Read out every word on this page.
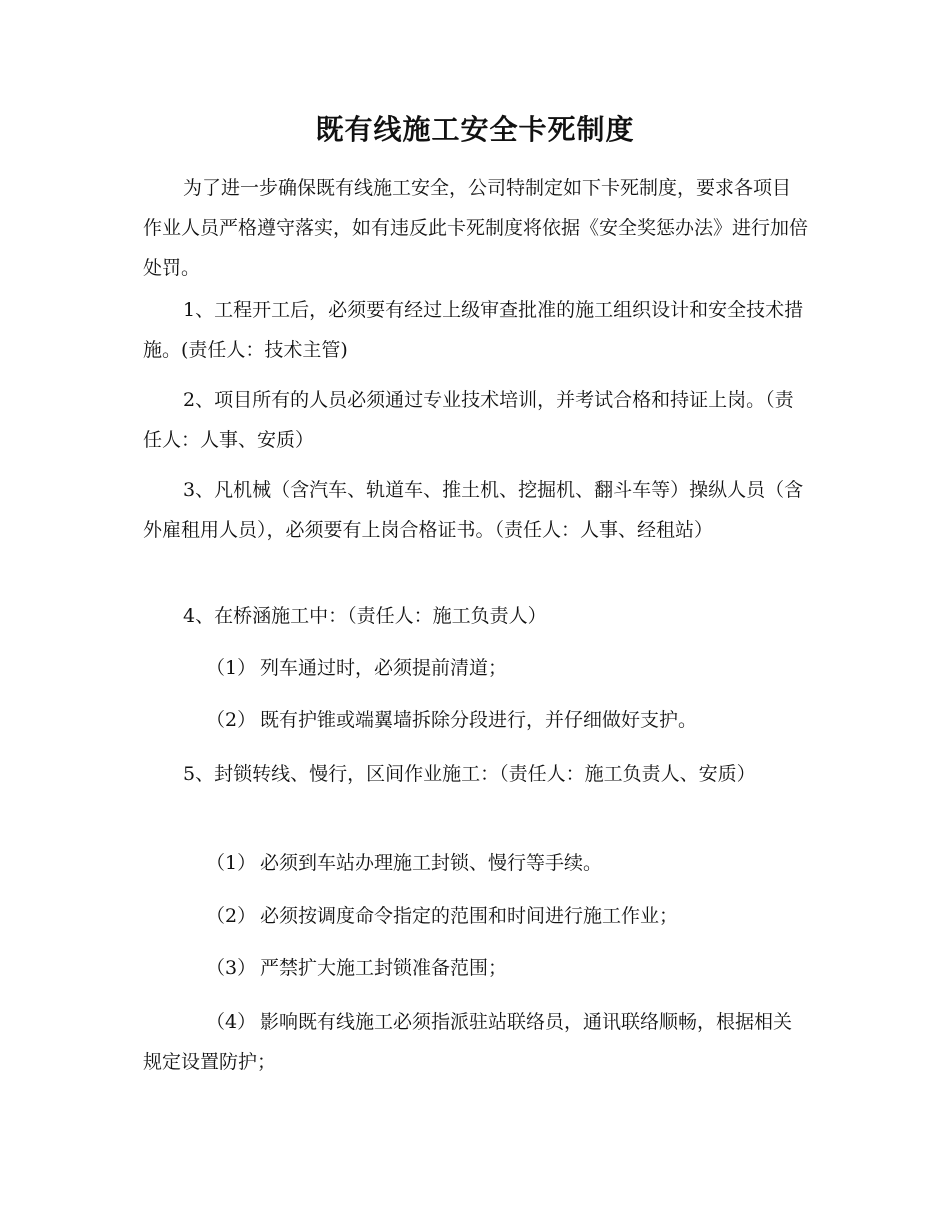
既有线施工安全卡死制度

为了进一步确保既有线施工安全，公司特制定如下卡死制度，要求各项目作业人员严格遵守落实，如有违反此卡死制度将依据《安全奖惩办法》进行加倍处罚。

1、工程开工后，必须要有经过上级审查批准的施工组织设计和安全技术措施。(责任人：技术主管)

2、项目所有的人员必须通过专业技术培训，并考试合格和持证上岗。（责任人：人事、安质）

3、凡机械（含汽车、轨道车、推土机、挖掘机、翻斗车等）操纵人员（含外雇租用人员），必须要有上岗合格证书。（责任人：人事、经租站）

4、在桥涵施工中：（责任人：施工负责人）

（1） 列车通过时，必须提前清道；

（2） 既有护锥或端翼墙拆除分段进行，并仔细做好支护。

5、封锁转线、慢行，区间作业施工：（责任人：施工负责人、安质）

（1） 必须到车站办理施工封锁、慢行等手续。

（2） 必须按调度命令指定的范围和时间进行施工作业；

（3） 严禁扩大施工封锁准备范围；

（4） 影响既有线施工必须指派驻站联络员，通讯联络顺畅，根据相关规定设置防护；
